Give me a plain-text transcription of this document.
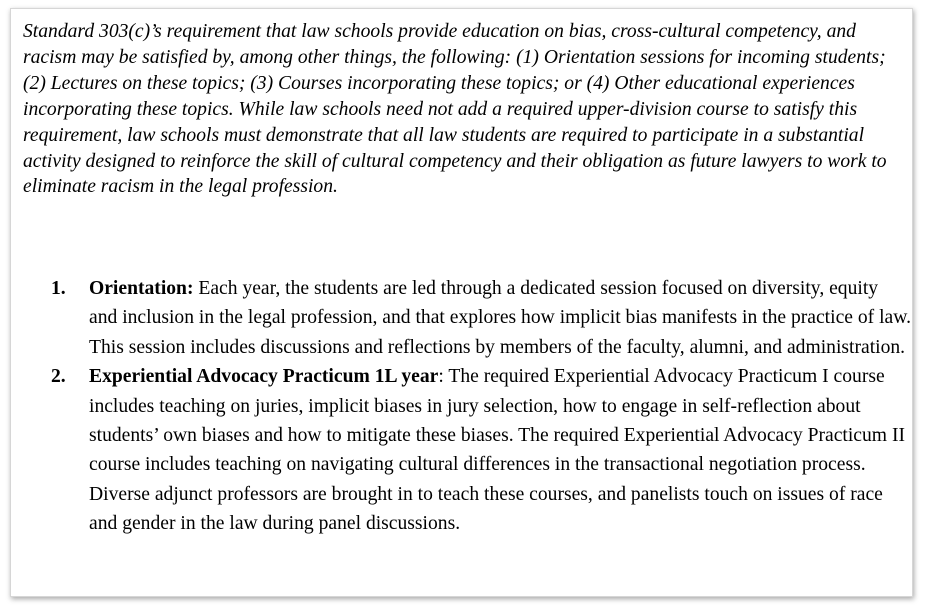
Standard 303(c)’s requirement that law schools provide education on bias, cross-cultural competency, and racism may be satisfied by, among other things, the following: (1) Orientation sessions for incoming students; (2) Lectures on these topics; (3) Courses incorporating these topics; or (4) Other educational experiences incorporating these topics. While law schools need not add a required upper-division course to satisfy this requirement, law schools must demonstrate that all law students are required to participate in a substantial activity designed to reinforce the skill of cultural competency and their obligation as future lawyers to work to eliminate racism in the legal profession.

1. Orientation: Each year, the students are led through a dedicated session focused on diversity, equity and inclusion in the legal profession, and that explores how implicit bias manifests in the practice of law. This session includes discussions and reflections by members of the faculty, alumni, and administration.
2. Experiential Advocacy Practicum 1L year: The required Experiential Advocacy Practicum I course includes teaching on juries, implicit biases in jury selection, how to engage in self-reflection about students’ own biases and how to mitigate these biases. The required Experiential Advocacy Practicum II course includes teaching on navigating cultural differences in the transactional negotiation process. Diverse adjunct professors are brought in to teach these courses, and panelists touch on issues of race and gender in the law during panel discussions.
